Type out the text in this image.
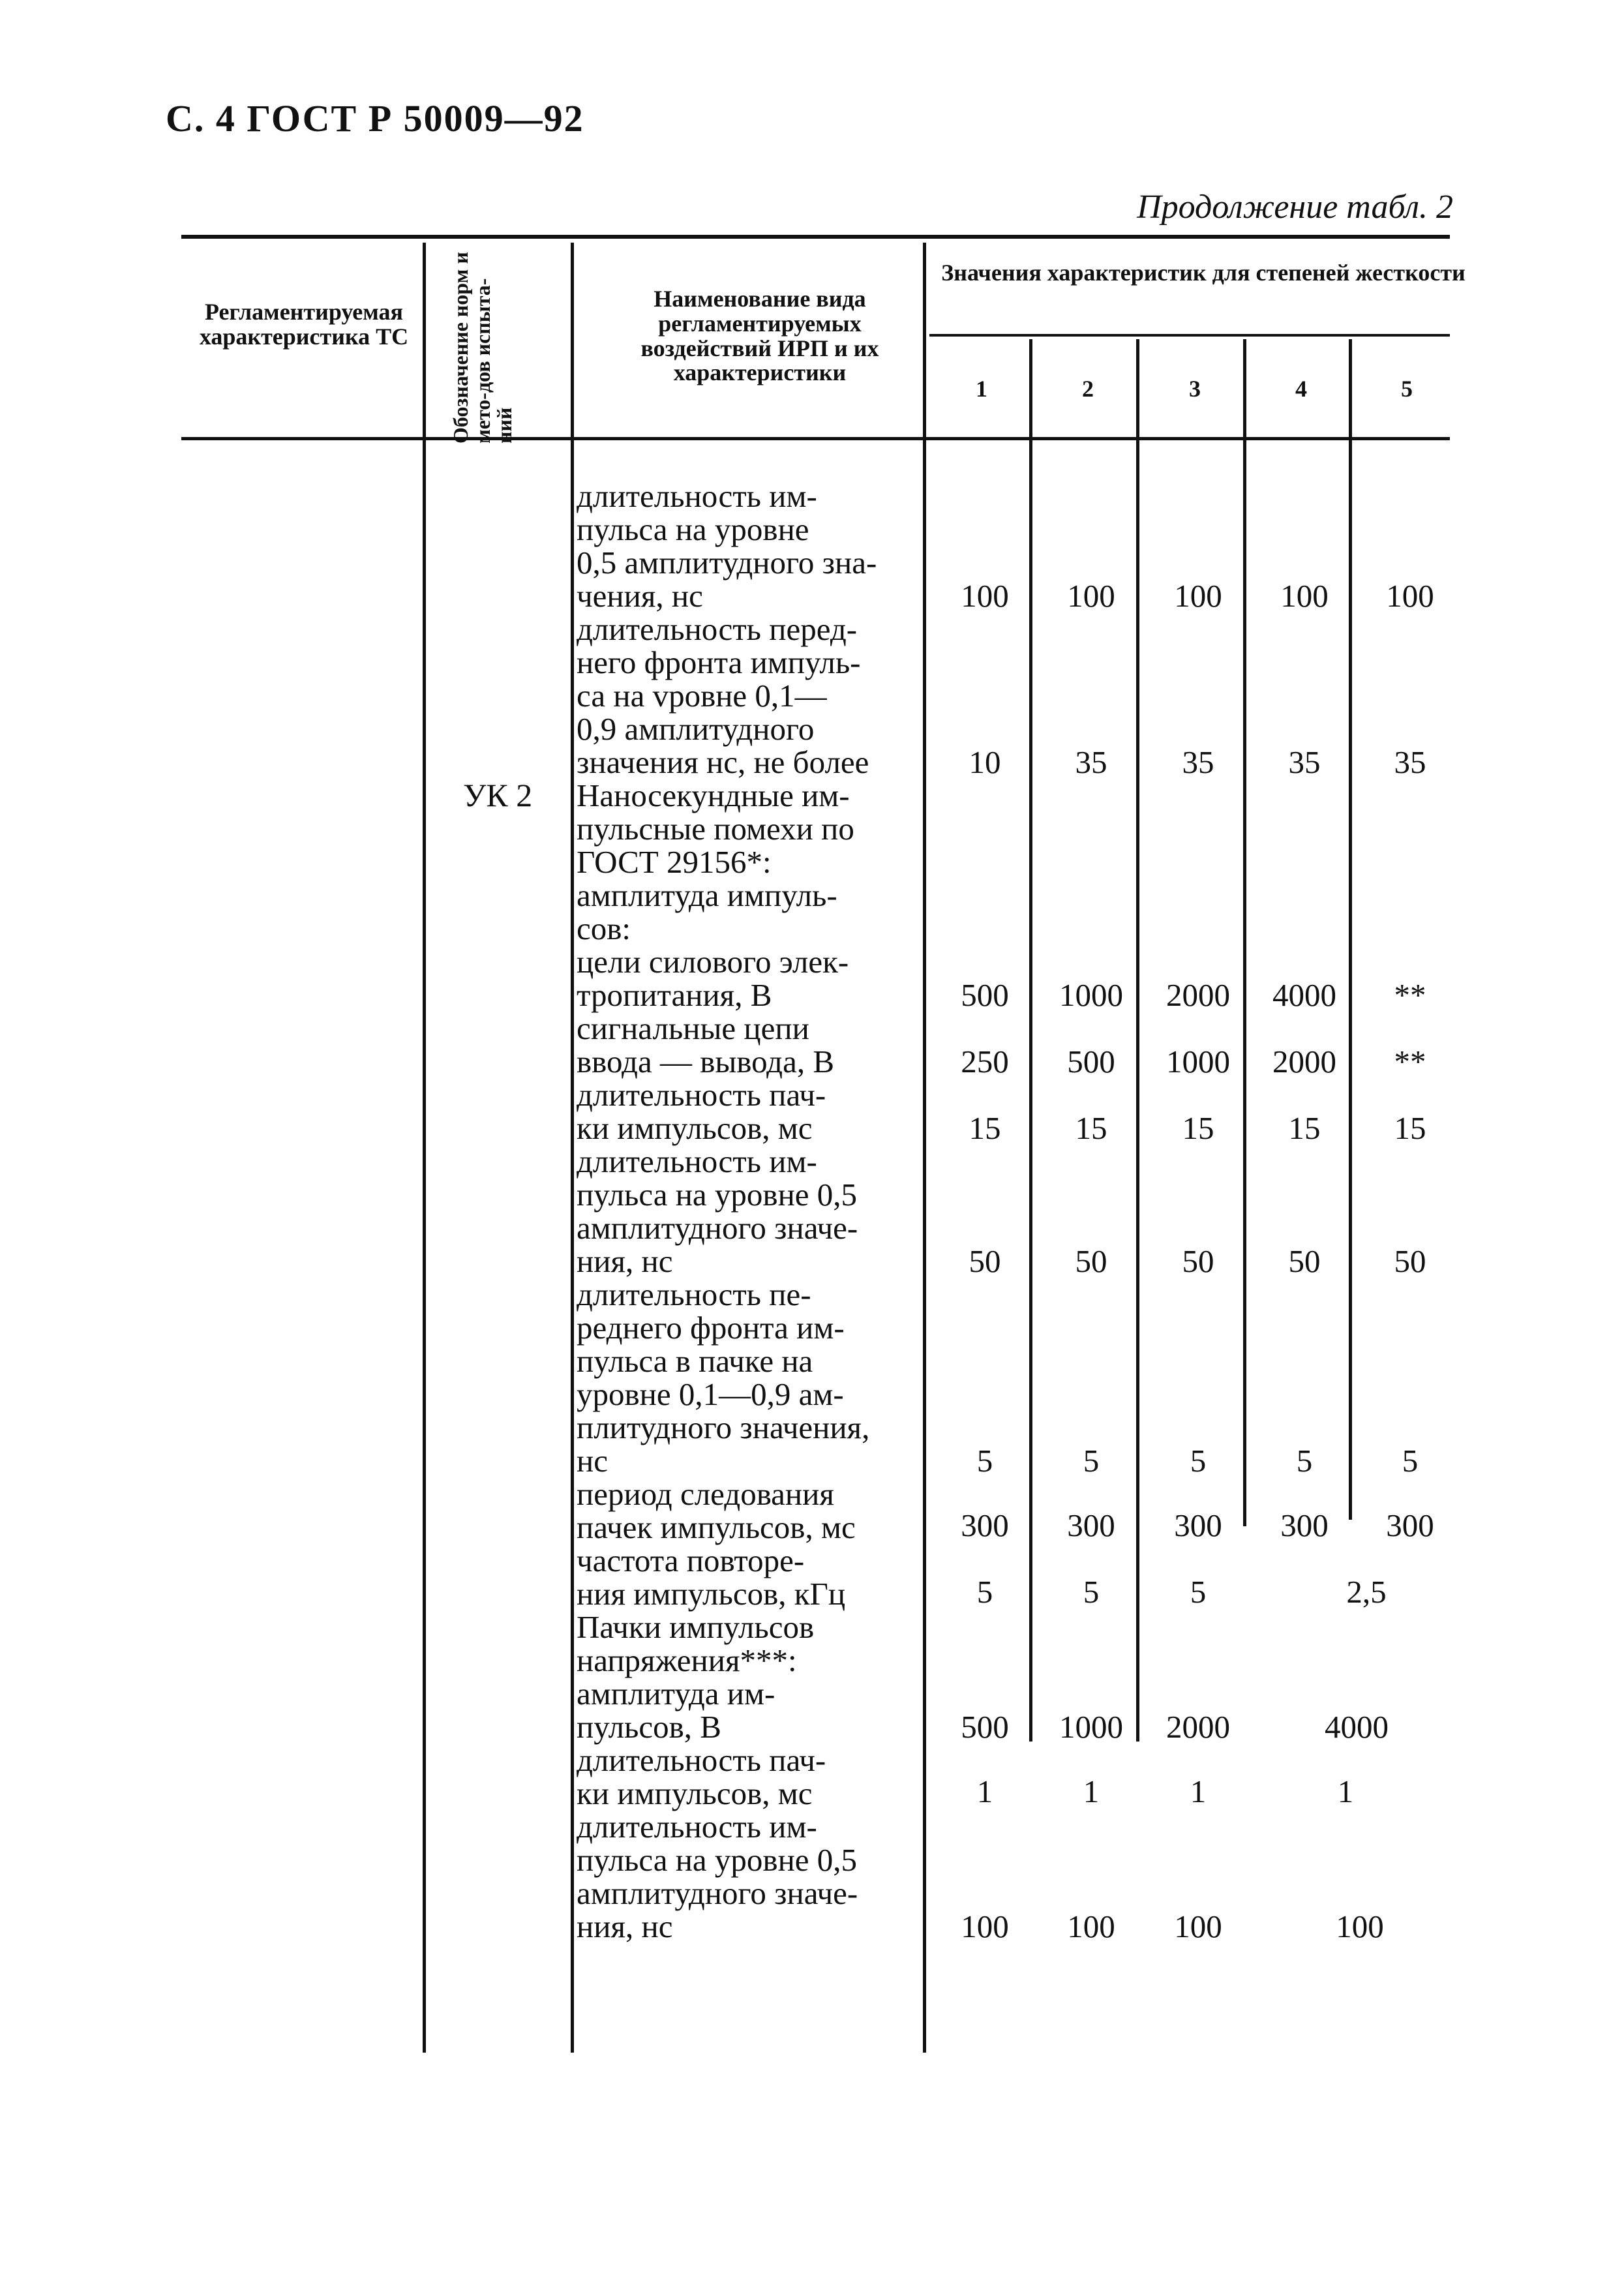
С. 4 ГОСТ Р 50009—92
Продолжение табл. 2
Регламентируемая характеристика ТС	Обозначение норм и мето-дов испыта-ний
Наименование вида регламентируемых воздействий ИРП и их характеристики
Значения характеристик для степеней жесткости
1	2	3	4	5
УК 2
длительность им-
пульса на уровне
0,5 амплитудного зна-
чения, нс	100	100	100	100	100
длительность перед-
него фронта импуль-
са на vровне 0,1—
0,9 амплитудного
значения нс, не более	10	35	35	35	35
Наносекундные им-
пульсные помехи по
ГОСТ 29156*:
амплитуда импуль-
сов:
цели силового элек-
тропитания, В	500	1000	2000	4000	**
сигнальные цепи
ввода — вывода, В	250	500	1000	2000	**
длительность пач-
ки импульсов, мс	15	15	15	15	15
длительность им-
пульса на уровне 0,5
амплитудного значе-
ния, нс	50	50	50	50	50
длительность пе-
реднего фронта им-
пульса в пачке на
уровне 0,1—0,9 ам-
плитудного значения,
нс	5	5	5	5	5
период следования
пачек импульсов, мс	300	300	300	300	300
частота повторе-
ния импульсов, кГц	5	5	5	2,5
Пачки импульсов
напряжения***:
амплитуда им-
пульсов, В	500	1000	2000	4000
длительность пач-
ки импульсов, мс	1	1	1	1
длительность им-
пульса на уровне 0,5
амплитудного значе-
ния, нс	100	100	100	100
